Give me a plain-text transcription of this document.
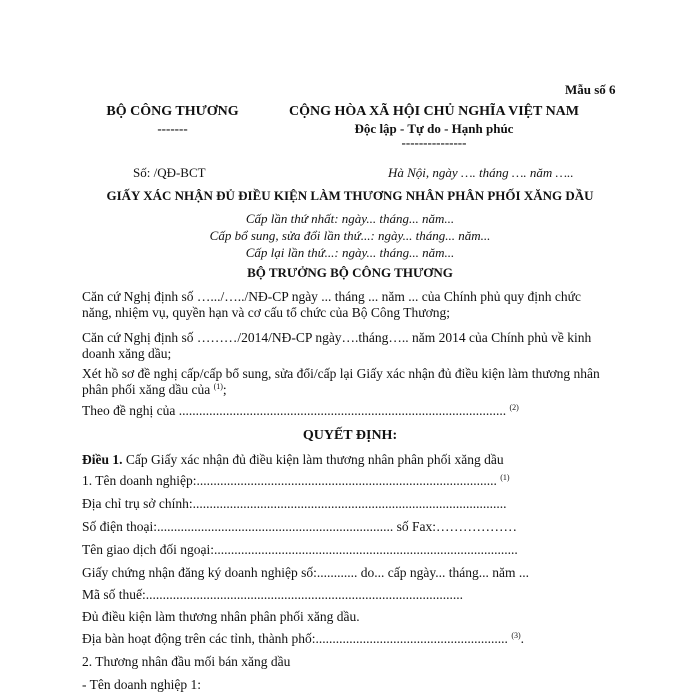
Mẫu số 6
BỘ CÔNG THƯƠNG
-------
CỘNG HÒA XÃ HỘI CHỦ NGHĨA VIỆT NAM
Độc lập - Tự do - Hạnh phúc
---------------
Số: /QĐ-BCT	Hà Nội, ngày …. tháng …. năm …..
GIẤY XÁC NHẬN ĐỦ ĐIỀU KIỆN LÀM THƯƠNG NHÂN PHÂN PHỐI XĂNG DẦU
Cấp lần thứ nhất: ngày... tháng... năm...
Cấp bổ sung, sửa đổi lần thứ...: ngày... tháng... năm...
Cấp lại lần thứ...: ngày... tháng... năm...
BỘ TRƯỞNG BỘ CÔNG THƯƠNG
Căn cứ Nghị định số ….../…../NĐ-CP ngày ... tháng ... năm ... của Chính phủ quy định chức
năng, nhiệm vụ, quyền hạn và cơ cấu tổ chức của Bộ Công Thương;
Căn cứ Nghị định số ………/2014/NĐ-CP ngày….tháng….. năm 2014 của Chính phủ về kinh
doanh xăng dầu;
Xét hồ sơ đề nghị cấp/cấp bổ sung, sửa đổi/cấp lại Giấy xác nhận đủ điều kiện làm thương nhân
phân phối xăng dầu của $^{(1)}$;
Theo đề nghị của ................................................................................................. $^{(2)}$
QUYẾT ĐỊNH:
Điều 1. Cấp Giấy xác nhận đủ điều kiện làm thương nhân phân phối xăng dầu
1. Tên doanh nghiệp:......................................................................................... $^{(1)}$
Địa chỉ trụ sở chính:.............................................................................................
Số điện thoại:...................................................................... số Fax:………………
Tên giao dịch đối ngoại:..........................................................................................
Giấy chứng nhận đăng ký doanh nghiệp số:............ do... cấp ngày... tháng... năm ...
Mã số thuế:..............................................................................................
Đủ điều kiện làm thương nhân phân phối xăng dầu.
Địa bàn hoạt động trên các tỉnh, thành phố:......................................................... $^{(3)}$.
2. Thương nhân đầu mối bán xăng dầu
- Tên doanh nghiệp 1:
